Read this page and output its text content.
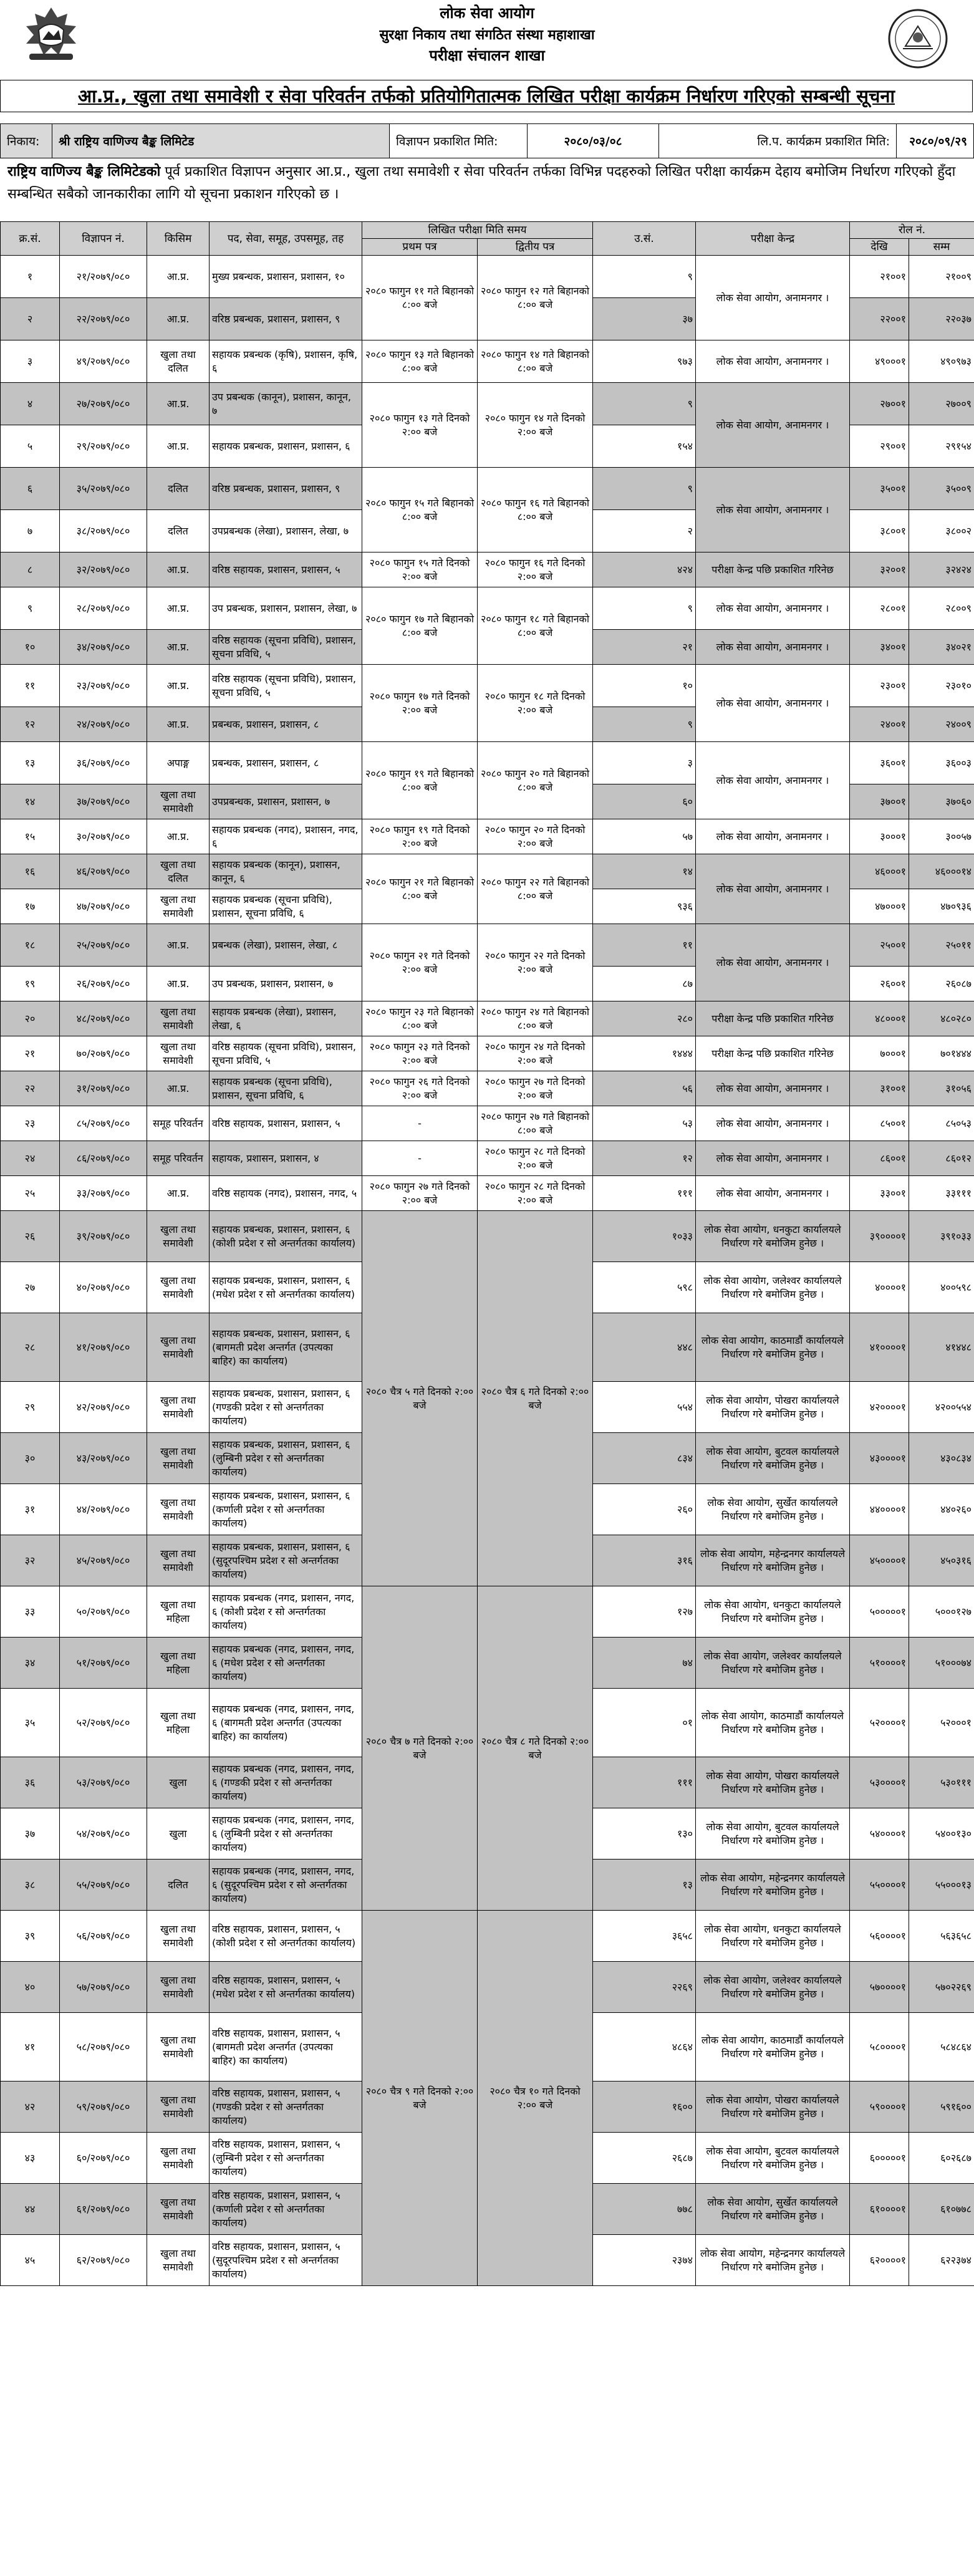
लोक सेवा आयोग
सुरक्षा निकाय तथा संगठित संस्था महाशाखा
परीक्षा संचालन शाखा
आ.प्र., खुला तथा समावेशी र सेवा परिवर्तन तर्फको प्रतियोगितात्मक लिखित परीक्षा कार्यक्रम निर्धारण गरिएको सम्बन्धी सूचना
निकाय:	श्री राष्ट्रिय वाणिज्य बैङ्क लिमिटेड	विज्ञापन प्रकाशित मिति:	२०८०/०३/०८	लि.प. कार्यक्रम प्रकाशित मिति:	२०८०/०९/२९
राष्ट्रिय वाणिज्य बैङ्क लिमिटेडको पूर्व प्रकाशित विज्ञापन अनुसार आ.प्र., खुला तथा समावेशी र सेवा परिवर्तन तर्फका विभिन्न पदहरुको लिखित परीक्षा कार्यक्रम देहाय बमोजिम निर्धारण गरिएको हुँदा सम्बन्धित सबैको जानकारीका लागि यो सूचना प्रकाशन गरिएको छ ।
क्र.सं.	विज्ञापन नं.	किसिम	पद, सेवा, समूह, उपसमूह, तह	लिखित परीक्षा मिति समय		उ.सं.	परीक्षा केन्द्र	रोल नं.	
				प्रथम पत्र	द्वितीय पत्र			देखि	सम्म
१	२१/२०७९/०८०	आ.प्र.	मुख्य प्रबन्धक, प्रशासन, प्रशासन, १०	२०८० फागुन ११ गते बिहानको ८:०० बजे	२०८० फागुन १२ गते बिहानको ८:०० बजे	९	लोक सेवा आयोग, अनामनगर ।	२१००१	२१००९
२	२२/२०७९/०८०	आ.प्र.	वरिष्ठ प्रबन्धक, प्रशासन, प्रशासन, ९			३७		२२००१	२२०३७
३	४९/२०७९/०८०	खुला तथा दलित	सहायक प्रबन्धक (कृषि), प्रशासन, कृषि, ६	२०८० फागुन १३ गते बिहानको ८:०० बजे	२०८० फागुन १४ गते बिहानको ८:०० बजे	९७३	लोक सेवा आयोग, अनामनगर ।	४९०००१	४९०९७३
४	२७/२०७९/०८०	आ.प्र.	उप प्रबन्धक (कानून), प्रशासन, कानून, ७	२०८० फागुन १३ गते दिनको २:०० बजे	२०८० फागुन १४ गते दिनको २:०० बजे	९	लोक सेवा आयोग, अनामनगर ।	२७००१	२७००९
५	२९/२०७९/०८०	आ.प्र.	सहायक प्रबन्धक, प्रशासन, प्रशासन, ६			१५४		२९००१	२९१५४
६	३५/२०७९/०८०	दलित	वरिष्ठ प्रबन्धक, प्रशासन, प्रशासन, ९	२०८० फागुन १५ गते बिहानको ८:०० बजे	२०८० फागुन १६ गते बिहानको ८:०० बजे	९	लोक सेवा आयोग, अनामनगर ।	३५००१	३५००९
७	३८/२०७९/०८०	दलित	उपप्रबन्धक (लेखा), प्रशासन, लेखा, ७			२		३८००१	३८००२
८	३२/२०७९/०८०	आ.प्र.	वरिष्ठ सहायक, प्रशासन, प्रशासन, ५	२०८० फागुन १५ गते दिनको २:०० बजे	२०८० फागुन १६ गते दिनको २:०० बजे	४२४	परीक्षा केन्द्र पछि प्रकाशित गरिनेछ	३२००१	३२४२४
९	२८/२०७९/०८०	आ.प्र.	उप प्रबन्धक, प्रशासन, प्रशासन, लेखा, ७	२०८० फागुन १७ गते बिहानको ८:०० बजे	२०८० फागुन १८ गते बिहानको ८:०० बजे	९	लोक सेवा आयोग, अनामनगर ।	२८००१	२८००९
१०	३४/२०७९/०८०	आ.प्र.	वरिष्ठ सहायक (सूचना प्रविधि), प्रशासन, सूचना प्रविधि, ५			२१	लोक सेवा आयोग, अनामनगर ।	३४००१	३४०२१
११	२३/२०७९/०८०	आ.प्र.	वरिष्ठ सहायक (सूचना प्रविधि), प्रशासन, सूचना प्रविधि, ५	२०८० फागुन १७ गते दिनको २:०० बजे	२०८० फागुन १८ गते दिनको २:०० बजे	१०	लोक सेवा आयोग, अनामनगर ।	२३००१	२३०१०
१२	२४/२०७९/०८०	आ.प्र.	प्रबन्धक, प्रशासन, प्रशासन, ८			९		२४००१	२४००९
१३	३६/२०७९/०८०	अपाङ्ग	प्रबन्धक, प्रशासन, प्रशासन, ८	२०८० फागुन १९ गते बिहानको ८:०० बजे	२०८० फागुन २० गते बिहानको ८:०० बजे	३	लोक सेवा आयोग, अनामनगर ।	३६००१	३६००३
१४	३७/२०७९/०८०	खुला तथा समावेशी	उपप्रबन्धक, प्रशासन, प्रशासन, ७			६०		३७००१	३७०६०
१५	३०/२०७९/०८०	आ.प्र.	सहायक प्रबन्धक (नगद), प्रशासन, नगद, ६	२०८० फागुन १९ गते दिनको २:०० बजे	२०८० फागुन २० गते दिनको २:०० बजे	५७	लोक सेवा आयोग, अनामनगर ।	३०००१	३००५७
१६	४६/२०७९/०८०	खुला तथा दलित	सहायक प्रबन्धक (कानून), प्रशासन, कानून, ६	२०८० फागुन २१ गते बिहानको ८:०० बजे	२०८० फागुन २२ गते बिहानको ८:०० बजे	१४	लोक सेवा आयोग, अनामनगर ।	४६०००१	४६०००१४
१७	४७/२०७९/०८०	खुला तथा समावेशी	सहायक प्रबन्धक (सूचना प्रविधि), प्रशासन, सूचना प्रविधि, ६			९३६		४७०००१	४७०९३६
१८	२५/२०७९/०८०	आ.प्र.	प्रबन्धक (लेखा), प्रशासन, लेखा, ८	२०८० फागुन २१ गते दिनको २:०० बजे	२०८० फागुन २२ गते दिनको २:०० बजे	११	लोक सेवा आयोग, अनामनगर ।	२५००१	२५०११
१९	२६/२०७९/०८०	आ.प्र.	उप प्रबन्धक, प्रशासन, प्रशासन, ७			८७		२६००१	२६०८७
२०	४८/२०७९/०८०	खुला तथा समावेशी	सहायक प्रबन्धक (लेखा), प्रशासन, लेखा, ६	२०८० फागुन २३ गते बिहानको ८:०० बजे	२०८० फागुन २४ गते बिहानको ८:०० बजे	२८०	परीक्षा केन्द्र पछि प्रकाशित गरिनेछ	४८०००१	४८०२८०
२१	७०/२०७९/०८०	खुला तथा समावेशी	वरिष्ठ सहायक (सूचना प्रविधि), प्रशासन, सूचना प्रविधि, ५	२०८० फागुन २३ गते दिनको २:०० बजे	२०८० फागुन २४ गते दिनको २:०० बजे	१४४४	परीक्षा केन्द्र पछि प्रकाशित गरिनेछ	७०००१	७०१४४४
२२	३१/२०७९/०८०	आ.प्र.	सहायक प्रबन्धक (सूचना प्रविधि), प्रशासन, सूचना प्रविधि, ६	२०८० फागुन २६ गते दिनको २:०० बजे	२०८० फागुन २७ गते दिनको २:०० बजे	५६	लोक सेवा आयोग, अनामनगर ।	३१००१	३१०५६
२३	८५/२०७९/०८०	समूह परिवर्तन	वरिष्ठ सहायक, प्रशासन, प्रशासन, ५	-	२०८० फागुन २७ गते बिहानको ८:०० बजे	५३	लोक सेवा आयोग, अनामनगर ।	८५००१	८५०५३
२४	८६/२०७९/०८०	समूह परिवर्तन	सहायक, प्रशासन, प्रशासन, ४	-	२०८० फागुन २८ गते दिनको २:०० बजे	१२	लोक सेवा आयोग, अनामनगर ।	८६००१	८६०१२
२५	३३/२०७९/०८०	आ.प्र.	वरिष्ठ सहायक (नगद), प्रशासन, नगद, ५	२०८० फागुन २७ गते दिनको २:०० बजे	२०८० फागुन २८ गते दिनको २:०० बजे	१११	लोक सेवा आयोग, अनामनगर ।	३३००१	३३१११
२६	३९/२०७९/०८०	खुला तथा समावेशी	सहायक प्रबन्धक, प्रशासन, प्रशासन, ६ (कोशी प्रदेश र सो अन्तर्गतका कार्यालय)	२०८० चैत्र ५ गते दिनको २:०० बजे	२०८० चैत्र ६ गते दिनको २:०० बजे	१०३३	लोक सेवा आयोग, धनकुटा कार्यालयले निर्धारण गरे बमोजिम हुनेछ ।	३९००००१	३९१०३३
२७	४०/२०७९/०८०	खुला तथा समावेशी	सहायक प्रबन्धक, प्रशासन, प्रशासन, ६ (मधेश प्रदेश र सो अन्तर्गतका कार्यालय)			५९८	लोक सेवा आयोग, जलेश्वर कार्यालयले निर्धारण गरे बमोजिम हुनेछ ।	४००००१	४००५९८
२८	४१/२०७९/०८०	खुला तथा समावेशी	सहायक प्रबन्धक, प्रशासन, प्रशासन, ६ (बागमती प्रदेश अन्तर्गत (उपत्यका बाहिर) का कार्यालय)			४४८	लोक सेवा आयोग, काठमाडौं कार्यालयले निर्धारण गरे बमोजिम हुनेछ ।	४१००००१	४१४४८
२९	४२/२०७९/०८०	खुला तथा समावेशी	सहायक प्रबन्धक, प्रशासन, प्रशासन, ६ (गण्डकी प्रदेश र सो अन्तर्गतका कार्यालय)			५५४	लोक सेवा आयोग, पोखरा कार्यालयले निर्धारण गरे बमोजिम हुनेछ ।	४२००००१	४२००५५४
३०	४३/२०७९/०८०	खुला तथा समावेशी	सहायक प्रबन्धक, प्रशासन, प्रशासन, ६ (लुम्बिनी प्रदेश र सो अन्तर्गतका कार्यालय)			८३४	लोक सेवा आयोग, बुटवल कार्यालयले निर्धारण गरे बमोजिम हुनेछ ।	४३००००१	४३०८३४
३१	४४/२०७९/०८०	खुला तथा समावेशी	सहायक प्रबन्धक, प्रशासन, प्रशासन, ६ (कर्णाली प्रदेश र सो अन्तर्गतका कार्यालय)			२६०	लोक सेवा आयोग, सुर्खेत कार्यालयले निर्धारण गरे बमोजिम हुनेछ ।	४४००००१	४४०२६०
३२	४५/२०७९/०८०	खुला तथा समावेशी	सहायक प्रबन्धक, प्रशासन, प्रशासन, ६ (सुदूरपश्चिम प्रदेश र सो अन्तर्गतका कार्यालय)			३१६	लोक सेवा आयोग, महेन्द्रनगर कार्यालयले निर्धारण गरे बमोजिम हुनेछ ।	४५००००१	४५०३१६
३३	५०/२०७९/०८०	खुला तथा महिला	सहायक प्रबन्धक (नगद, प्रशासन, नगद, ६ (कोशी प्रदेश र सो अन्तर्गतका कार्यालय)	२०८० चैत्र ७ गते दिनको २:०० बजे	२०८० चैत्र ८ गते दिनको २:०० बजे	१२७	लोक सेवा आयोग, धनकुटा कार्यालयले निर्धारण गरे बमोजिम हुनेछ ।	५०००००१	५०००१२७
३४	५१/२०७९/०८०	खुला तथा महिला	सहायक प्रबन्धक (नगद, प्रशासन, नगद, ६ (मधेश प्रदेश र सो अन्तर्गतका कार्यालय)			७४	लोक सेवा आयोग, जलेश्वर कार्यालयले निर्धारण गरे बमोजिम हुनेछ ।	५१००००१	५१०००७४
३५	५२/२०७९/०८०	खुला तथा महिला	सहायक प्रबन्धक (नगद, प्रशासन, नगद, ६ (बागमती प्रदेश अन्तर्गत (उपत्यका बाहिर) का कार्यालय)			०१	लोक सेवा आयोग, काठमाडौं कार्यालयले निर्धारण गरे बमोजिम हुनेछ ।	५२००००१	५२०००१
३६	५३/२०७९/०८०	खुला	सहायक प्रबन्धक (नगद, प्रशासन, नगद, ६ (गण्डकी प्रदेश र सो अन्तर्गतका कार्यालय)			१११	लोक सेवा आयोग, पोखरा कार्यालयले निर्धारण गरे बमोजिम हुनेछ ।	५३००००१	५३०१११
३७	५४/२०७९/०८०	खुला	सहायक प्रबन्धक (नगद, प्रशासन, नगद, ६ (लुम्बिनी प्रदेश र सो अन्तर्गतका कार्यालय)			१३०	लोक सेवा आयोग, बुटवल कार्यालयले निर्धारण गरे बमोजिम हुनेछ ।	५४००००१	५४००१३०
३८	५५/२०७९/०८०	दलित	सहायक प्रबन्धक (नगद, प्रशासन, नगद, ६ (सुदूरपश्चिम प्रदेश र सो अन्तर्गतका कार्यालय)			१३	लोक सेवा आयोग, महेन्द्रनगर कार्यालयले निर्धारण गरे बमोजिम हुनेछ ।	५५००००१	५५०००१३
३९	५६/२०७९/०८०	खुला तथा समावेशी	वरिष्ठ सहायक, प्रशासन, प्रशासन, ५ (कोशी प्रदेश र सो अन्तर्गतका कार्यालय)	२०८० चैत्र ९ गते दिनको २:०० बजे	२०८० चैत्र १० गते दिनको २:०० बजे	३६५८	लोक सेवा आयोग, धनकुटा कार्यालयले निर्धारण गरे बमोजिम हुनेछ ।	५६००००१	५६३६५८
४०	५७/२०७९/०८०	खुला तथा समावेशी	वरिष्ठ सहायक, प्रशासन, प्रशासन, ५ (मधेश प्रदेश र सो अन्तर्गतका कार्यालय)			२२६९	लोक सेवा आयोग, जलेश्वर कार्यालयले निर्धारण गरे बमोजिम हुनेछ ।	५७००००१	५७०२२६९
४१	५८/२०७९/०८०	खुला तथा समावेशी	वरिष्ठ सहायक, प्रशासन, प्रशासन, ५ (बागमती प्रदेश अन्तर्गत (उपत्यका बाहिर) का कार्यालय)			४८६४	लोक सेवा आयोग, काठमाडौं कार्यालयले निर्धारण गरे बमोजिम हुनेछ ।	५८००००१	५८४८६४
४२	५९/२०७९/०८०	खुला तथा समावेशी	वरिष्ठ सहायक, प्रशासन, प्रशासन, ५ (गण्डकी प्रदेश र सो अन्तर्गतका कार्यालय)			१६००	लोक सेवा आयोग, पोखरा कार्यालयले निर्धारण गरे बमोजिम हुनेछ ।	५९००००१	५९१६००
४३	६०/२०७९/०८०	खुला तथा समावेशी	वरिष्ठ सहायक, प्रशासन, प्रशासन, ५ (लुम्बिनी प्रदेश र सो अन्तर्गतका कार्यालय)			२६८७	लोक सेवा आयोग, बुटवल कार्यालयले निर्धारण गरे बमोजिम हुनेछ ।	६०००००१	६०२६८७
४४	६१/२०७९/०८०	खुला तथा समावेशी	वरिष्ठ सहायक, प्रशासन, प्रशासन, ५ (कर्णाली प्रदेश र सो अन्तर्गतका कार्यालय)			७७८	लोक सेवा आयोग, सुर्खेत कार्यालयले निर्धारण गरे बमोजिम हुनेछ ।	६१००००१	६१०७७८
४५	६२/२०७९/०८०	खुला तथा समावेशी	वरिष्ठ सहायक, प्रशासन, प्रशासन, ५ (सुदूरपश्चिम प्रदेश र सो अन्तर्गतका कार्यालय)			२३७४	लोक सेवा आयोग, महेन्द्रनगर कार्यालयले निर्धारण गरे बमोजिम हुनेछ ।	६२००००१	६२२३७४
